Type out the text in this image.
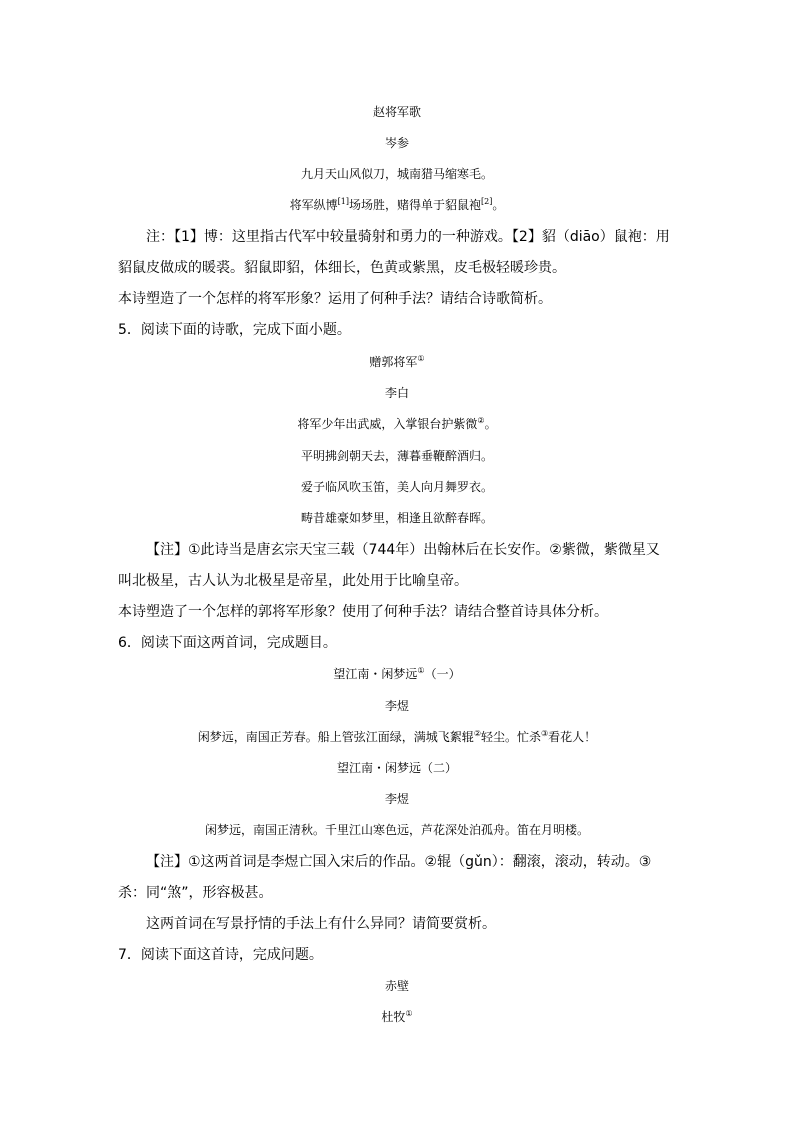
赵将军歌
岑参
九月天山风似刀，城南猎马缩寒毛。
将军纵博[1]场场胜，赌得单于貂鼠袍[2]。
注：【1】博：这里指古代军中较量骑射和勇力的一种游戏。【2】貂（diāo）鼠袍：用
貂鼠皮做成的暖裘。貂鼠即貂，体细长，色黄或紫黑，皮毛极轻暖珍贵。
本诗塑造了一个怎样的将军形象？运用了何种手法？请结合诗歌简析。
5．阅读下面的诗歌，完成下面小题。
赠郭将军①
李白
将军少年出武威，入掌银台护紫微②。
平明拂剑朝天去，薄暮垂鞭醉酒归。
爱子临风吹玉笛，美人向月舞罗衣。
畴昔雄豪如梦里，相逢且欲醉春晖。
【注】①此诗当是唐玄宗天宝三载（744年）出翰林后在长安作。②紫微，紫微星又
叫北极星，古人认为北极星是帝星，此处用于比喻皇帝。
本诗塑造了一个怎样的郭将军形象？使用了何种手法？请结合整首诗具体分析。
6．阅读下面这两首词，完成题目。
望江南・闲梦远①（一）
李煜
闲梦远，南国正芳春。船上管弦江面绿，满城飞絮辊②轻尘。忙杀③看花人！
望江南・闲梦远（二）
李煜
闲梦远，南国正清秋。千里江山寒色远，芦花深处泊孤舟。笛在月明楼。
【注】①这两首词是李煜亡国入宋后的作品。②辊（gǔn）：翻滚，滚动，转动。③
杀：同“煞”，形容极甚。
这两首词在写景抒情的手法上有什么异同？请简要赏析。
7．阅读下面这首诗，完成问题。
赤壁
杜牧①
